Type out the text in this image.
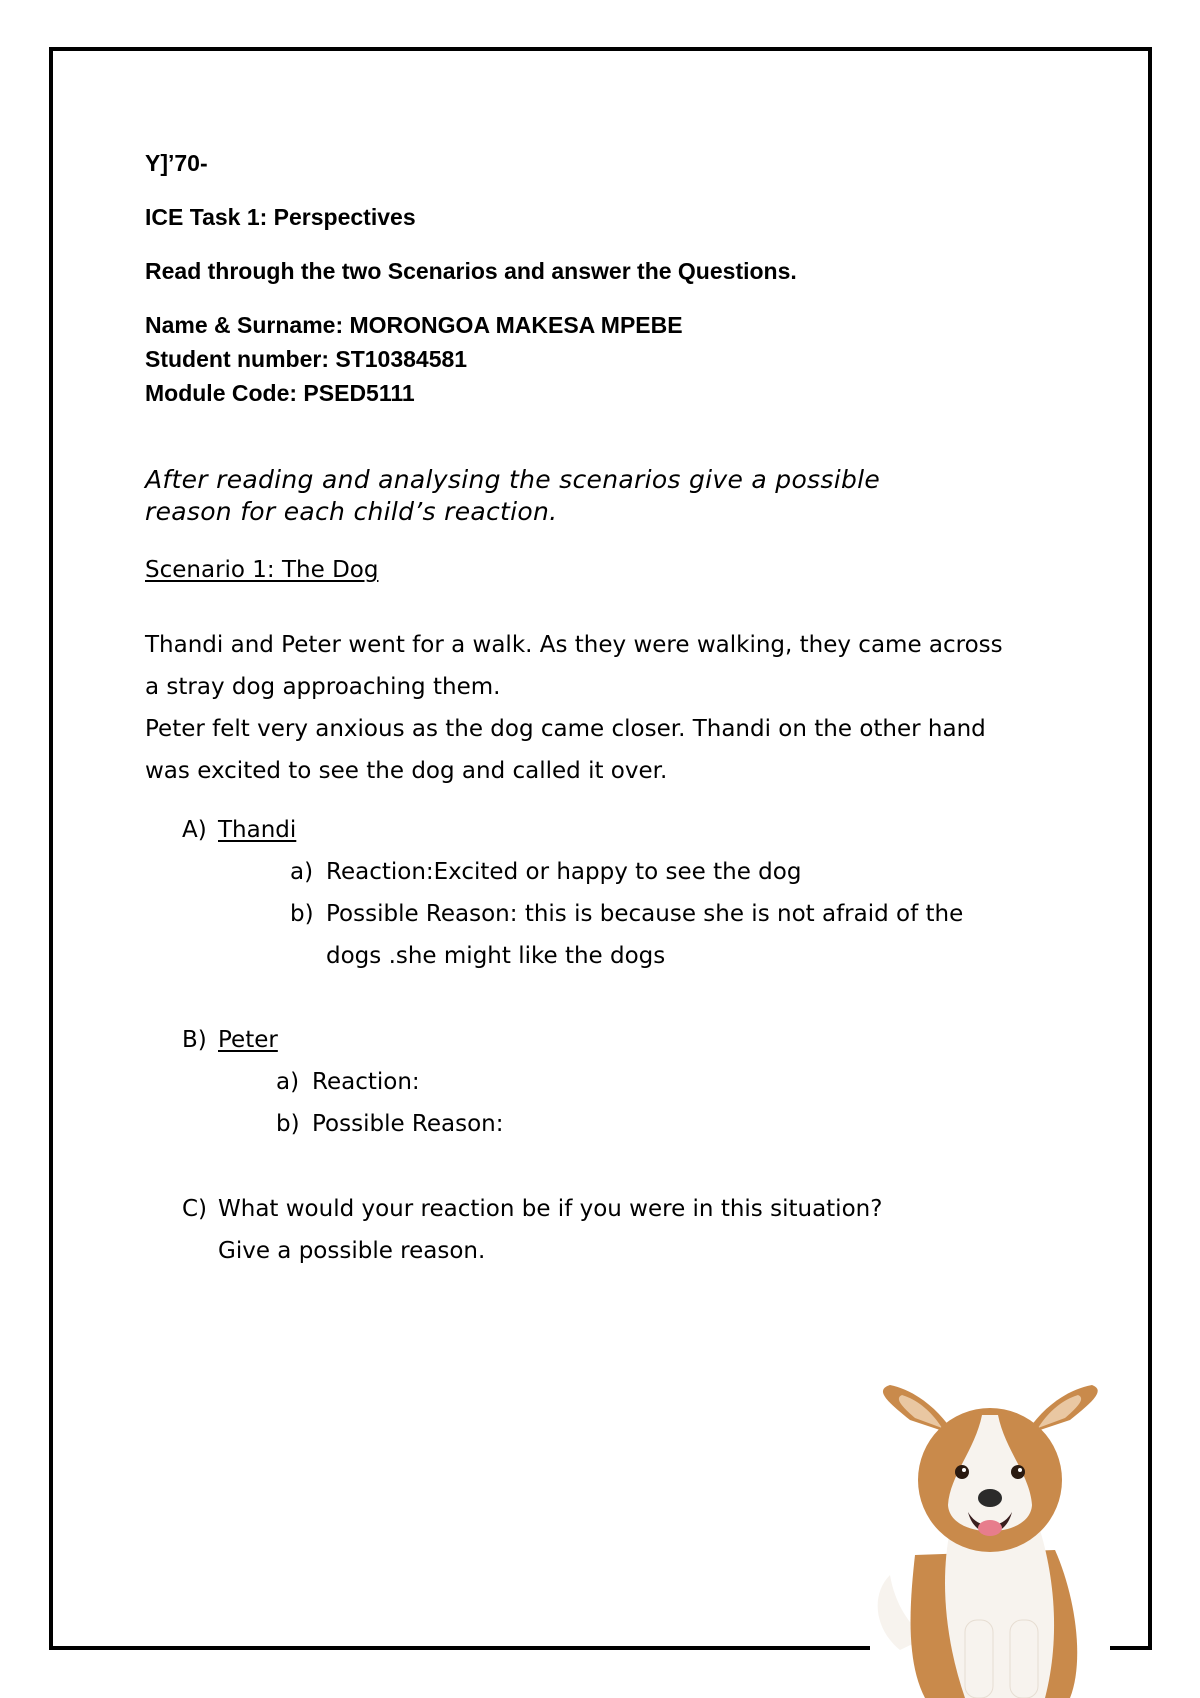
Y]’70-
ICE Task 1: Perspectives
Read through the two Scenarios and answer the Questions.
Name & Surname: MORONGOA MAKESA MPEBE
Student number: ST10384581
Module Code: PSED5111
After reading and analysing the scenarios give a possible
reason for each child’s reaction.
Scenario 1: The Dog
Thandi and Peter went for a walk. As they were walking, they came across
a stray dog approaching them.
Peter felt very anxious as the dog came closer. Thandi on the other hand
was excited to see the dog and called it over.
A) Thandi
a) Reaction:Excited or happy to see the dog
b) Possible Reason: this is because she is not afraid of the
dogs .she might like the dogs
B) Peter
a) Reaction:
b) Possible Reason:
C) What would your reaction be if you were in this situation?
Give a possible reason.
